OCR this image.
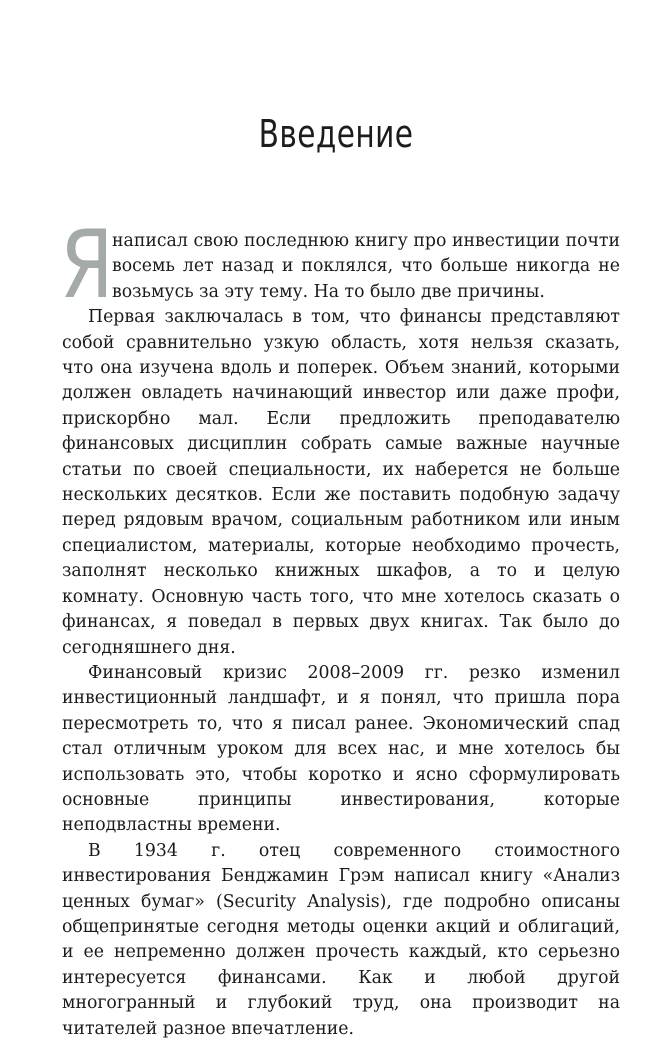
Введение

Я
написал свою последнюю книгу про инвестиции почти восемь лет назад и поклялся, что больше никогда не возьмусь за эту тему. На то было две причины.

Первая заключалась в том, что финансы представляют собой сравнительно узкую область, хотя нельзя сказать, что она изучена вдоль и поперек. Объем знаний, которыми должен овладеть начинающий инвестор или даже профи, прискорбно мал. Если предложить преподавателю финансовых дисциплин собрать самые важные научные статьи по своей специальности, их наберется не больше нескольких десятков. Если же поставить подобную задачу перед рядовым врачом, социальным работником или иным специалистом, материалы, которые необходимо прочесть, заполнят несколько книжных шкафов, а то и целую комнату. Основную часть того, что мне хотелось сказать о финансах, я поведал в первых двух книгах. Так было до сегодняшнего дня.

Финансовый кризис 2008–2009 гг. резко изменил инвестиционный ландшафт, и я понял, что пришла пора пересмотреть то, что я писал ранее. Экономический спад стал отличным уроком для всех нас, и мне хотелось бы использовать это, чтобы коротко и ясно сформулировать основные принципы инвестирования, которые неподвластны времени.

В 1934 г. отец современного стоимостного инвестирования Бенджамин Грэм написал книгу «Анализ ценных бумаг» (Security Analysis), где подробно описаны общепринятые сегодня методы оценки акций и облигаций, и ее непременно должен прочесть каждый, кто серьезно интересуется финансами. Как и любой другой многогранный и глубокий труд, она производит на читателей разное впечатление.
